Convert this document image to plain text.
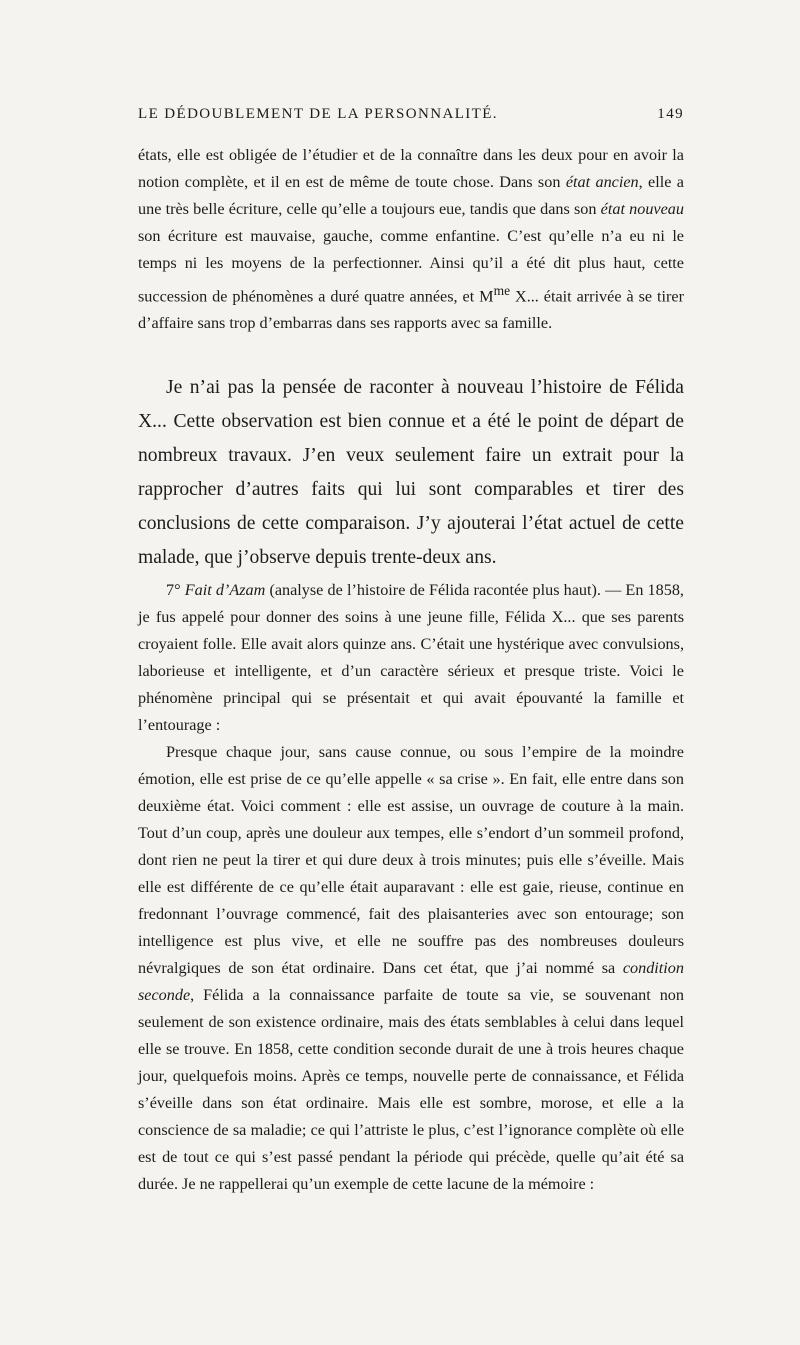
LE DÉDOUBLEMENT DE LA PERSONNALITÉ.	149

états, elle est obligée de l’étudier et de la connaître dans les deux pour en avoir la notion complète, et il en est de même de toute chose. Dans son état ancien, elle a une très belle écriture, celle qu’elle a toujours eue, tandis que dans son état nouveau son écriture est mauvaise, gauche, comme enfantine. C’est qu’elle n’a eu ni le temps ni les moyens de la perfectionner. Ainsi qu’il a été dit plus haut, cette succession de phénomènes a duré quatre années, et $M^{me}$ X... était arrivée à se tirer d’affaire sans trop d’embarras dans ses rapports avec sa famille.

Je n’ai pas la pensée de raconter à nouveau l’histoire de Félida X... Cette observation est bien connue et a été le point de départ de nombreux travaux. J’en veux seulement faire un extrait pour la rapprocher d’autres faits qui lui sont comparables et tirer des conclusions de cette comparaison. J’y ajouterai l’état actuel de cette malade, que j’observe depuis trente-deux ans.

7° Fait d’Azam (analyse de l’histoire de Félida racontée plus haut). — En 1858, je fus appelé pour donner des soins à une jeune fille, Félida X... que ses parents croyaient folle. Elle avait alors quinze ans. C’était une hystérique avec convulsions, laborieuse et intelligente, et d’un caractère sérieux et presque triste. Voici le phénomène principal qui se présentait et qui avait épouvanté la famille et l’entourage :

Presque chaque jour, sans cause connue, ou sous l’empire de la moindre émotion, elle est prise de ce qu’elle appelle « sa crise ». En fait, elle entre dans son deuxième état. Voici comment : elle est assise, un ouvrage de couture à la main. Tout d’un coup, après une douleur aux tempes, elle s’endort d’un sommeil profond, dont rien ne peut la tirer et qui dure deux à trois minutes; puis elle s’éveille. Mais elle est différente de ce qu’elle était auparavant : elle est gaie, rieuse, continue en fredonnant l’ouvrage commencé, fait des plaisanteries avec son entourage; son intelligence est plus vive, et elle ne souffre pas des nombreuses douleurs névralgiques de son état ordinaire. Dans cet état, que j’ai nommé sa condition seconde, Félida a la connaissance parfaite de toute sa vie, se souvenant non seulement de son existence ordinaire, mais des états semblables à celui dans lequel elle se trouve. En 1858, cette condition seconde durait de une à trois heures chaque jour, quelquefois moins. Après ce temps, nouvelle perte de connaissance, et Félida s’éveille dans son état ordinaire. Mais elle est sombre, morose, et elle a la conscience de sa maladie; ce qui l’attriste le plus, c’est l’ignorance complète où elle est de tout ce qui s’est passé pendant la période qui précède, quelle qu’ait été sa durée. Je ne rappellerai qu’un exemple de cette lacune de la mémoire :
